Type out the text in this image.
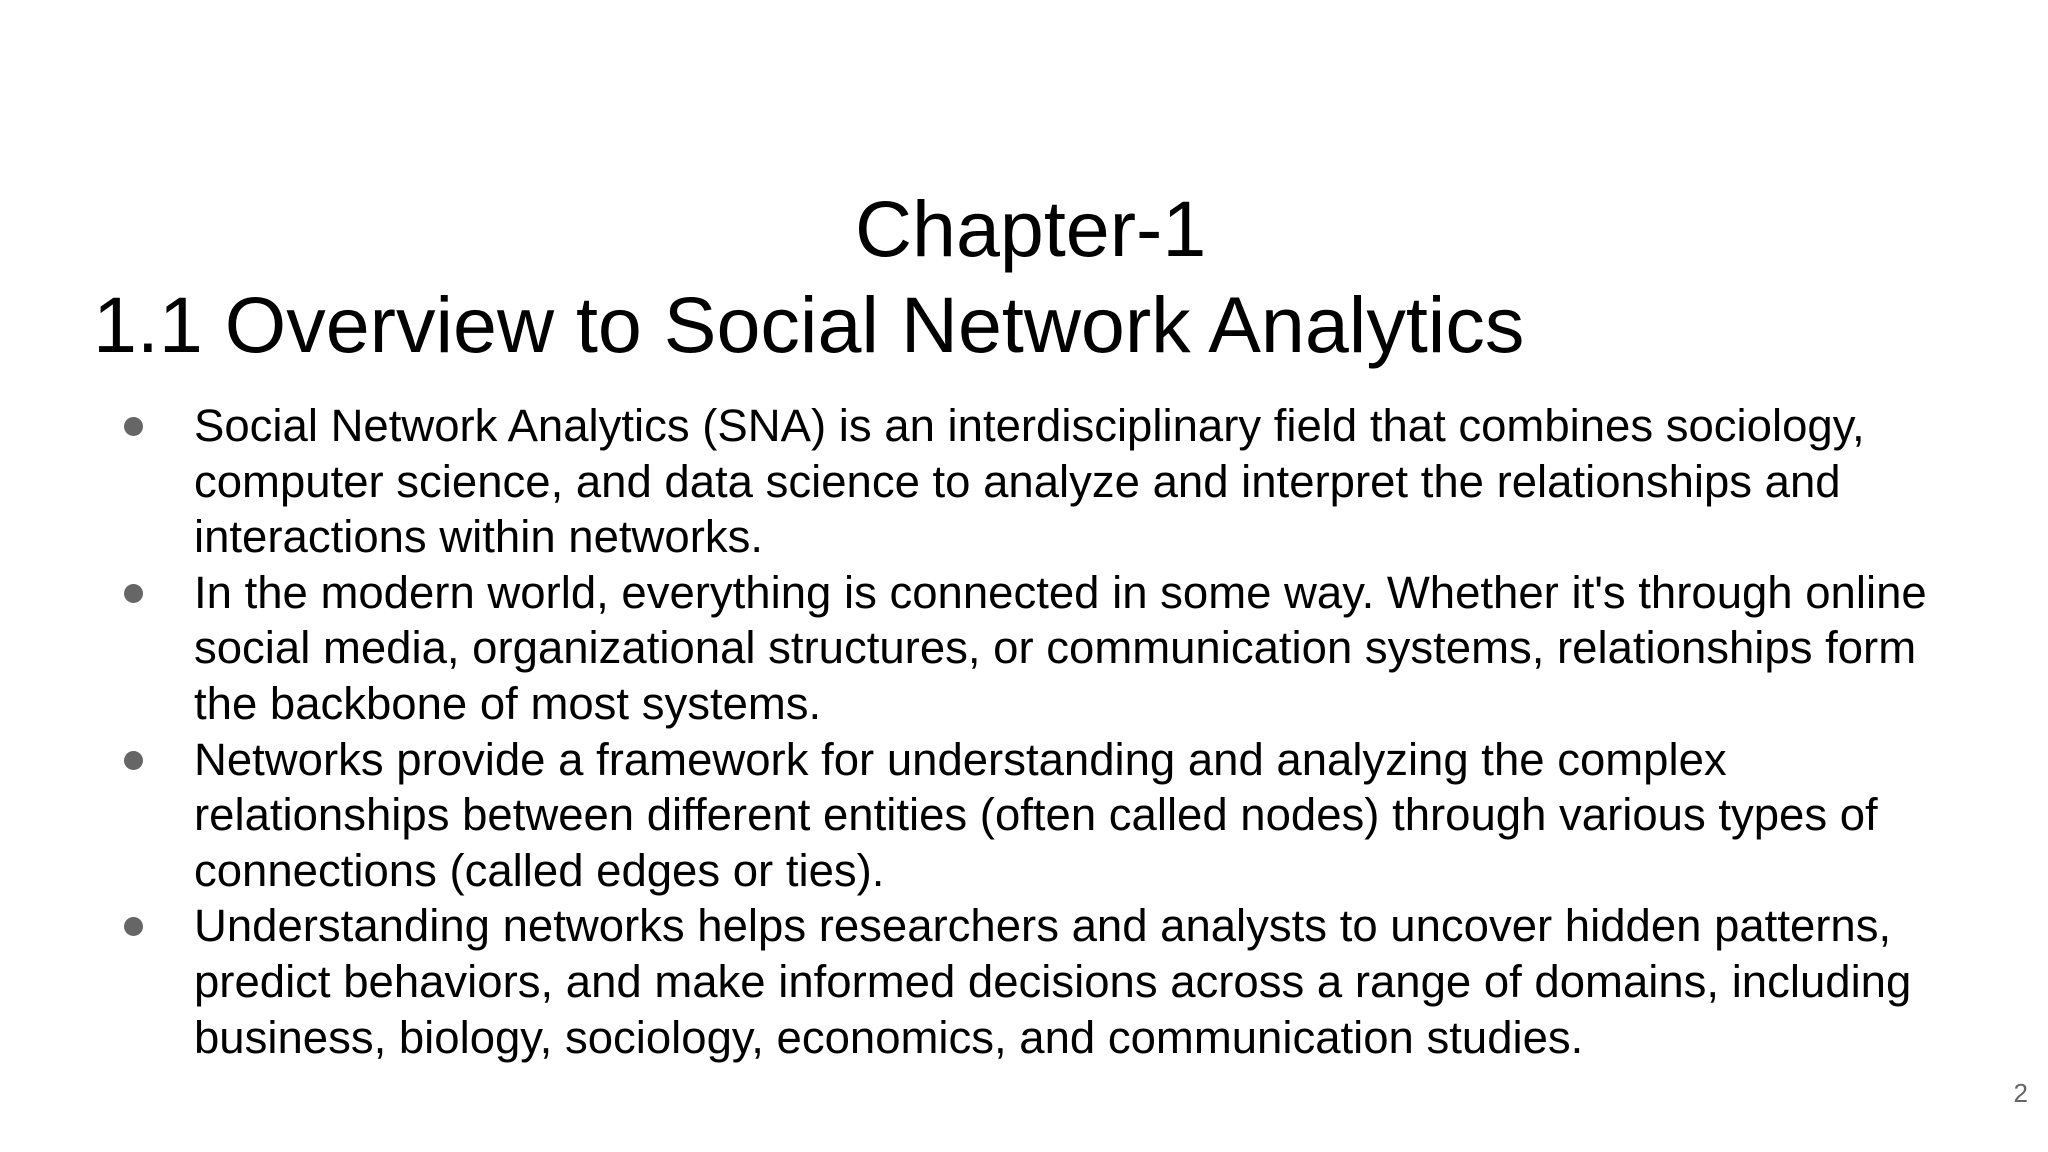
Chapter-1
1.1 Overview to Social Network Analytics
Social Network Analytics (SNA) is an interdisciplinary field that combines sociology, computer science, and data science to analyze and interpret the relationships and interactions within networks.
In the modern world, everything is connected in some way. Whether it's through online social media, organizational structures, or communication systems, relationships form the backbone of most systems.
Networks provide a framework for understanding and analyzing the complex relationships between different entities (often called nodes) through various types of connections (called edges or ties).
Understanding networks helps researchers and analysts to uncover hidden patterns, predict behaviors, and make informed decisions across a range of domains, including business, biology, sociology, economics, and communication studies.
2
